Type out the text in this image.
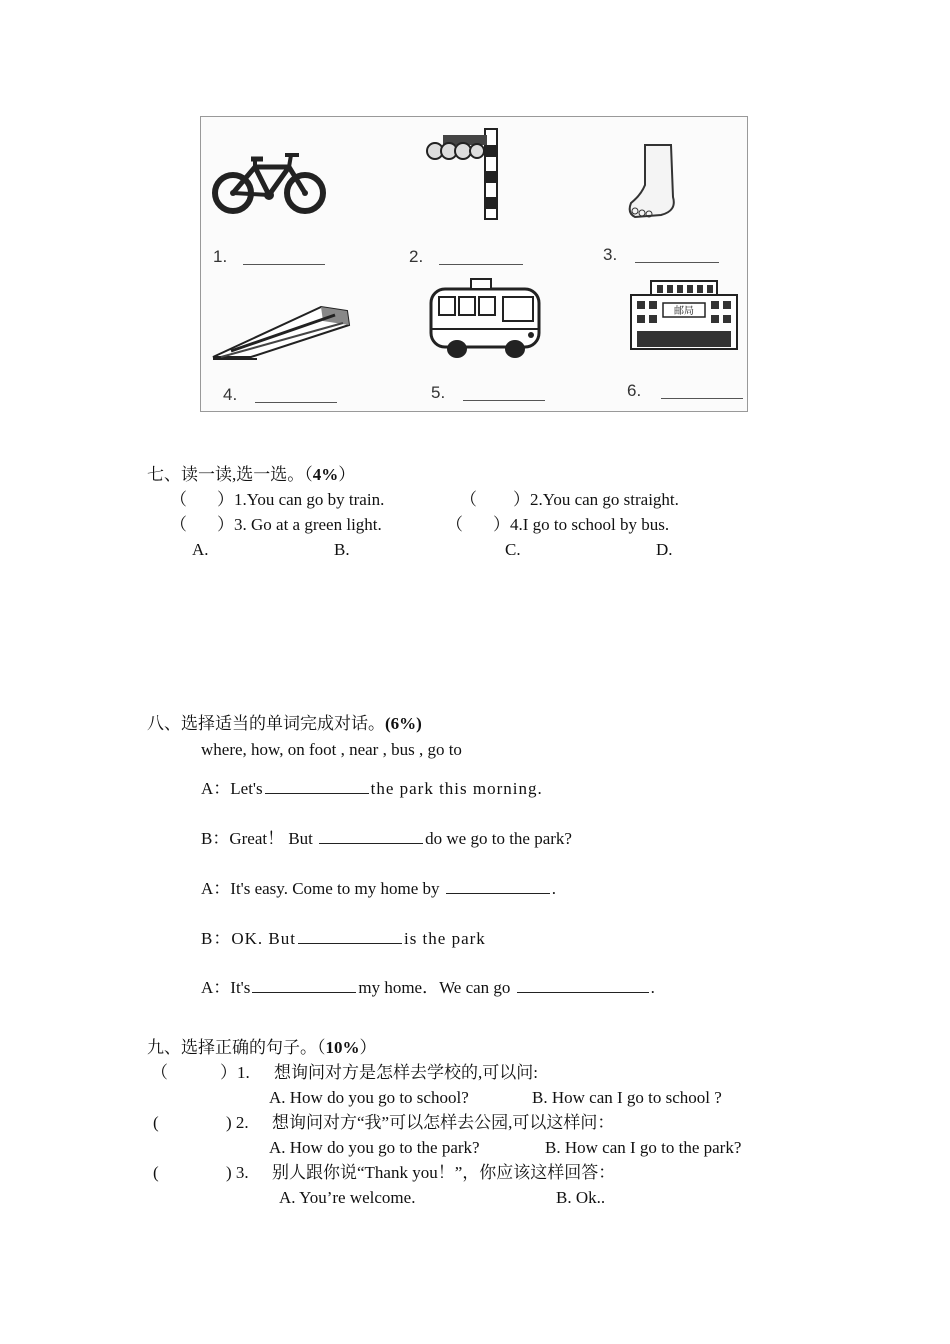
邮局
1.	2.	3.
4.	5.	6.
七、读一读,选一选。（4%）
（ ）1.You can go by train.	（ ）2.You can go straight.
（ ）3. Go at a green light.	（ ）4.I go to school by bus.
A.	B.	C.	D.
八、选择适当的单词完成对话。(6%)
where, how, on foot , near , bus , go to
A：Let's	the park this morning.
B：Great！ But	do we go to the park?
A：It's easy. Come to my home by	.
B：OK. But	is the park
A：It's	my home．We can go	.
九、选择正确的句子。（10%）
（	）1. 想询问对方是怎样去学校的,可以问:
A. How do you go to school?	B. How can I go to school ?
(	) 2. 想询问对方“我”可以怎样去公园,可以这样问：
A. How do you go to the park?	B. How can I go to the park?
(	) 3. 别人跟你说“Thank you！”，你应该这样回答：
A. You’re welcome.	B. Ok..
